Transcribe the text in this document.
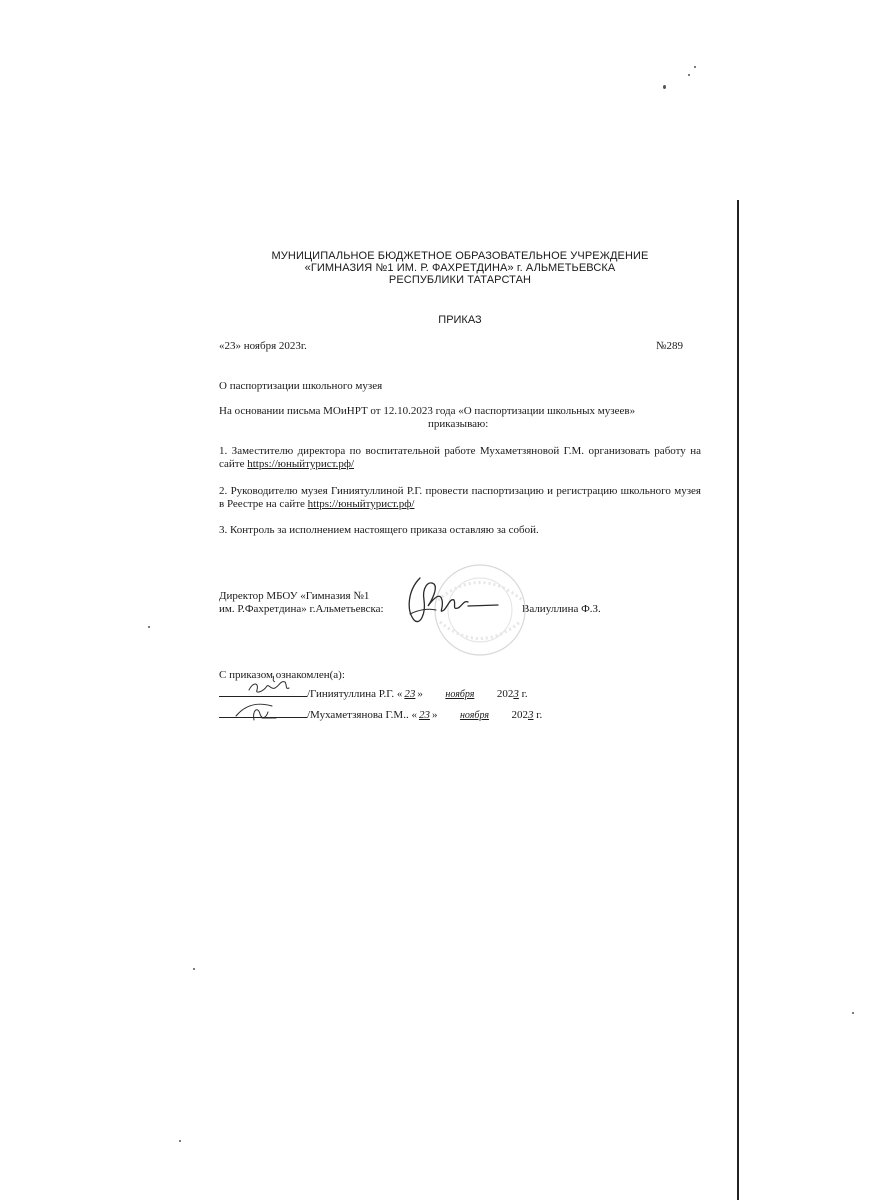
МУНИЦИПАЛЬНОЕ БЮДЖЕТНОЕ ОБРАЗОВАТЕЛЬНОЕ УЧРЕЖДЕНИЕ
«ГИМНАЗИЯ №1 ИМ. Р. ФАХРЕТДИНА» г. АЛЬМЕТЬЕВСКА
РЕСПУБЛИКИ ТАТАРСТАН
ПРИКАЗ
«23» ноября 2023г.	№289
О паспортизации школьного музея
На основании письма МОиНРТ от 12.10.2023 года «О паспортизации школьных музеев»
приказываю:
1. Заместителю директора по воспитательной работе Мухаметзяновой Г.М. организовать работу на сайте https://юныйтурист.рф/
2. Руководителю музея Гиниятуллиной Р.Г. провести паспортизацию и регистрацию школьного музея в Реестре на сайте https://юныйтурист.рф/
3. Контроль за исполнением настоящего приказа оставляю за собой.
Директор МБОУ «Гимназия №1
им. Р.Фахретдина» г.Альметьевска:	Валиуллина Ф.З.
С приказом ознакомлен(а):
/Гиниятуллина Р.Г. « 23 » ноября 2023 г.
/Мухаметзянова Г.М.. « 23 » ноября 2023 г.
